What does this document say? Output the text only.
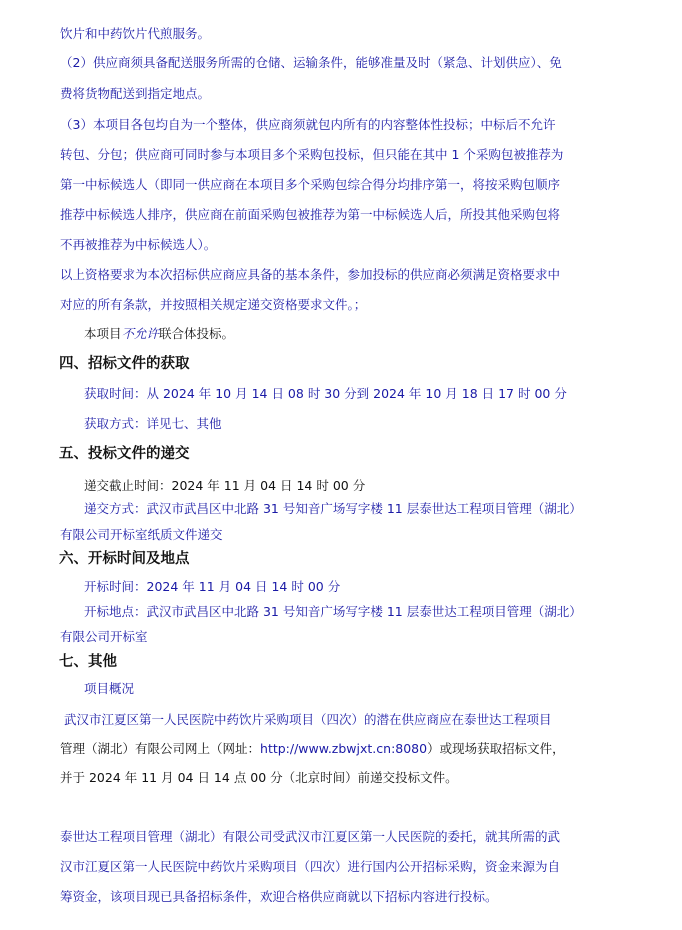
饮片和中药饮片代煎服务。
（2）供应商须具备配送服务所需的仓储、运输条件，能够准量及时（紧急、计划供应）、免
费将货物配送到指定地点。
（3）本项目各包均自为一个整体，供应商须就包内所有的内容整体性投标；中标后不允许
转包、分包；供应商可同时参与本项目多个采购包投标，但只能在其中 1 个采购包被推荐为
第一中标候选人（即同一供应商在本项目多个采购包综合得分均排序第一，将按采购包顺序
推荐中标候选人排序，供应商在前面采购包被推荐为第一中标候选人后，所投其他采购包将
不再被推荐为中标候选人）。
以上资格要求为本次招标供应商应具备的基本条件，参加投标的供应商必须满足资格要求中
对应的所有条款，并按照相关规定递交资格要求文件。；
本项目不允许联合体投标。
四、招标文件的获取
获取时间：从 2024 年 10 月 14 日 08 时 30 分到 2024 年 10 月 18 日 17 时 00 分
获取方式：详见七、其他
五、投标文件的递交
递交截止时间：2024 年 11 月 04 日 14 时 00 分
递交方式：武汉市武昌区中北路 31 号知音广场写字楼 11 层泰世达工程项目管理（湖北）
有限公司开标室纸质文件递交
六、开标时间及地点
开标时间：2024 年 11 月 04 日 14 时 00 分
开标地点：武汉市武昌区中北路 31 号知音广场写字楼 11 层泰世达工程项目管理（湖北）
有限公司开标室
七、其他
项目概况
武汉市江夏区第一人民医院中药饮片采购项目（四次）的潜在供应商应在泰世达工程项目
管理（湖北）有限公司网上（网址：http://www.zbwjxt.cn:8080）或现场获取招标文件，
并于 2024 年 11 月 04 日 14 点 00 分（北京时间）前递交投标文件。
泰世达工程项目管理（湖北）有限公司受武汉市江夏区第一人民医院的委托，就其所需的武
汉市江夏区第一人民医院中药饮片采购项目（四次）进行国内公开招标采购，资金来源为自
筹资金，该项目现已具备招标条件，欢迎合格供应商就以下招标内容进行投标。
